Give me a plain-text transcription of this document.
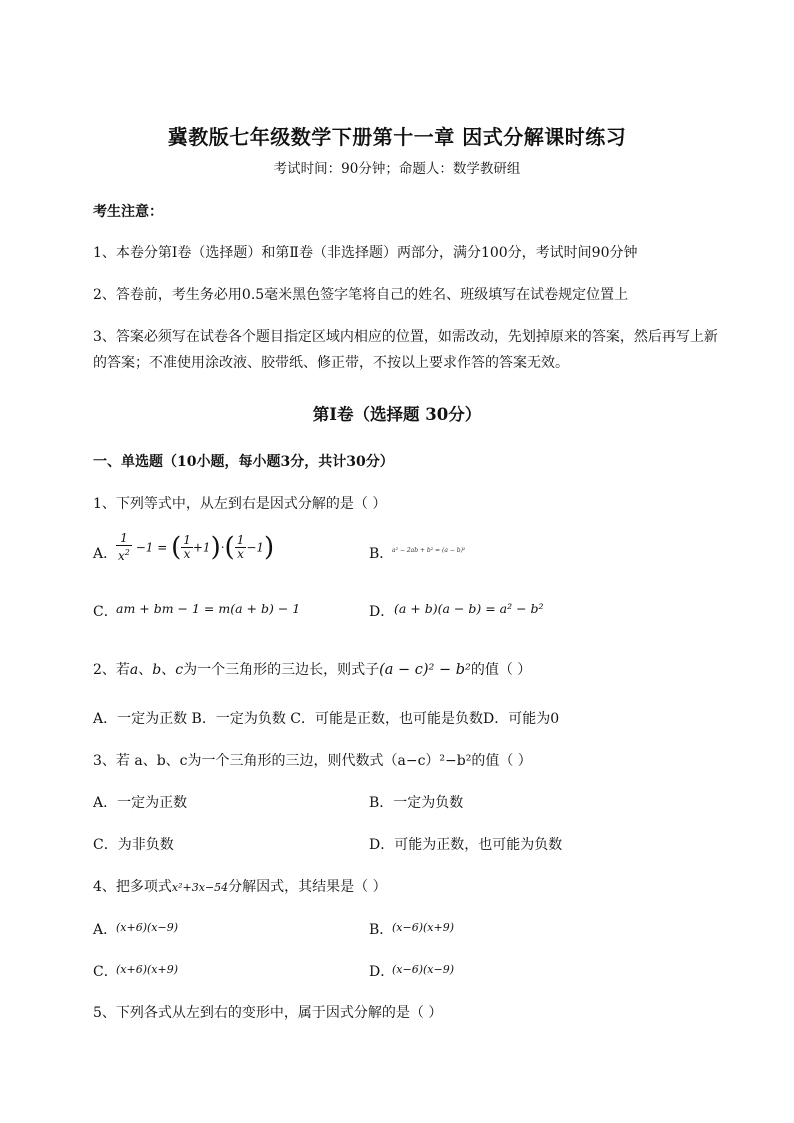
冀教版七年级数学下册第十一章 因式分解课时练习
考试时间：90分钟；命题人：数学教研组
考生注意：
1、本卷分第I卷（选择题）和第Ⅱ卷（非选择题）两部分，满分100分，考试时间90分钟
2、答卷前，考生务必用0.5毫米黑色签字笔将自己的姓名、班级填写在试卷规定位置上
3、答案必须写在试卷各个题目指定区域内相应的位置，如需改动，先划掉原来的答案，然后再写上新
的答案；不准使用涂改液、胶带纸、修正带，不按以上要求作答的答案无效。
第I卷（选择题 30分）
一、单选题（10小题，每小题3分，共计30分）
1、下列等式中，从左到右是因式分解的是（ ）
A．
$\frac{1}{x^2} -1$ = ( $\frac{1}{x} +1)\cdot( \frac{1}{x} -1)$	B．
a² − 2ab + b² = (a − b)²
C．
am + bm − 1 = m(a + b) − 1	D． (a + b)(a − b) = a² − b²
2、若a、b、c为一个三角形的三边长，则式子(a − c)² − b²的值（ ）
A．一定为正数 B．一定为负数 C．可能是正数，也可能是负数D．可能为0
3、若 a、b、c为一个三角形的三边，则代数式（a−c）²−b²的值（ ）
A．一定为正数	B．一定为负数
C．为非负数	D．可能为正数，也可能为负数
4、把多项式x²+3x−54分解因式，其结果是（ ）
A．
(x+6)(x−9)	B．
(x−6)(x+9)
C．
(x+6)(x+9)	D．
(x−6)(x−9)
5、下列各式从左到右的变形中，属于因式分解的是（ ）
